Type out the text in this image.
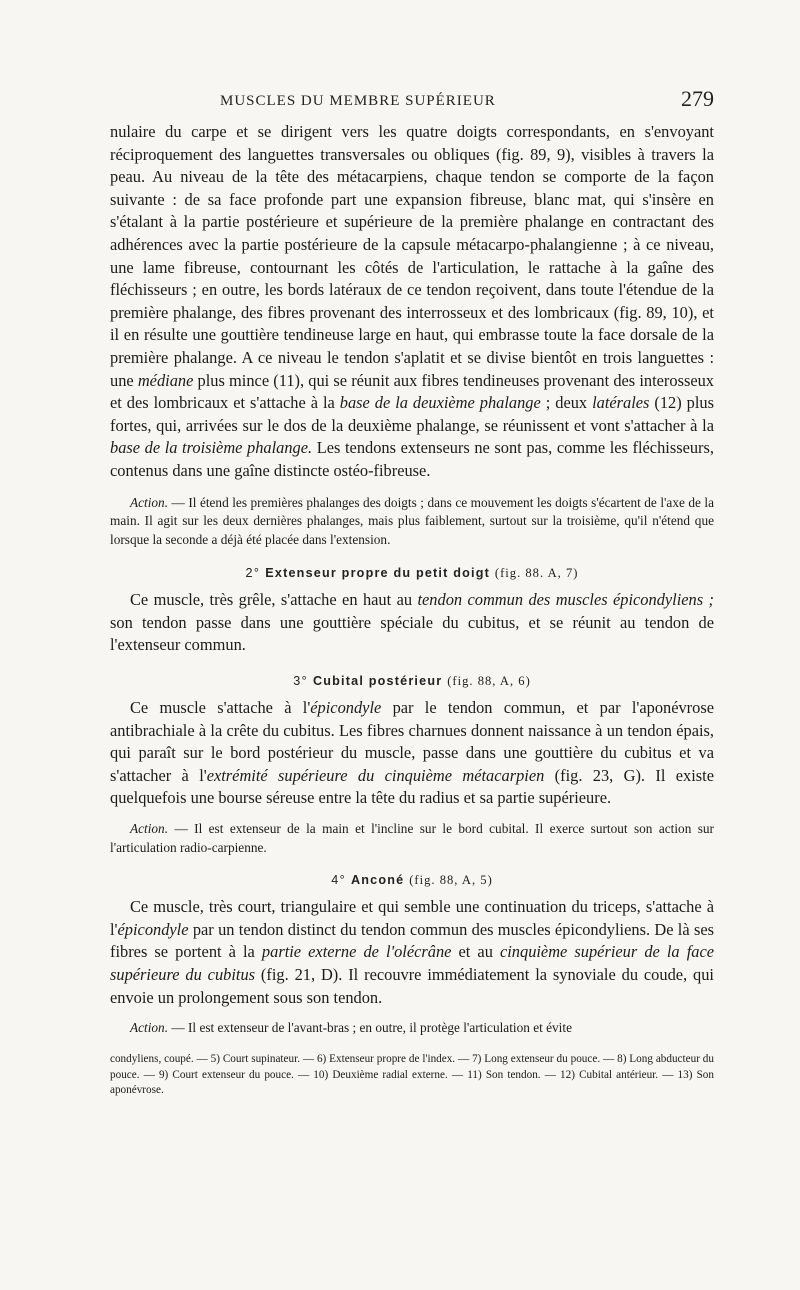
MUSCLES DU MEMBRE SUPÉRIEUR	279

nulaire du carpe et se dirigent vers les quatre doigts correspondants, en s'envoyant réciproquement des languettes transversales ou obliques (fig. 89, 9), visibles à travers la peau. Au niveau de la tête des métacarpiens, chaque tendon se comporte de la façon suivante : de sa face profonde part une expansion fibreuse, blanc mat, qui s'insère en s'étalant à la partie postérieure et supérieure de la première phalange en contractant des adhérences avec la partie postérieure de la capsule métacarpo-phalangienne ; à ce niveau, une lame fibreuse, contournant les côtés de l'articulation, le rattache à la gaîne des fléchisseurs ; en outre, les bords latéraux de ce tendon reçoivent, dans toute l'étendue de la première phalange, des fibres provenant des interrosseux et des lombricaux (fig. 89, 10), et il en résulte une gouttière tendineuse large en haut, qui embrasse toute la face dorsale de la première phalange. A ce niveau le tendon s'aplatit et se divise bientôt en trois languettes : une médiane plus mince (11), qui se réunit aux fibres tendineuses provenant des interosseux et des lombricaux et s'attache à la base de la deuxième phalange ; deux latérales (12) plus fortes, qui, arrivées sur le dos de la deuxième phalange, se réunissent et vont s'attacher à la base de la troisième phalange. Les tendons extenseurs ne sont pas, comme les fléchisseurs, contenus dans une gaîne distincte ostéo-fibreuse.

Action. — Il étend les premières phalanges des doigts ; dans ce mouvement les doigts s'écartent de l'axe de la main. Il agit sur les deux dernières phalanges, mais plus faiblement, surtout sur la troisième, qu'il n'étend que lorsque la seconde a déjà été placée dans l'extension.

2° Extenseur propre du petit doigt (fig. 88. A, 7)

Ce muscle, très grêle, s'attache en haut au tendon commun des muscles épicondyliens ; son tendon passe dans une gouttière spéciale du cubitus, et se réunit au tendon de l'extenseur commun.

3° Cubital postérieur (fig. 88, A, 6)

Ce muscle s'attache à l'épicondyle par le tendon commun, et par l'aponévrose antibrachiale à la crête du cubitus. Les fibres charnues donnent naissance à un tendon épais, qui paraît sur le bord postérieur du muscle, passe dans une gouttière du cubitus et va s'attacher à l'extrémité supérieure du cinquième métacarpien (fig. 23, G). Il existe quelquefois une bourse séreuse entre la tête du radius et sa partie supérieure.

Action. — Il est extenseur de la main et l'incline sur le bord cubital. Il exerce surtout son action sur l'articulation radio-carpienne.

4° Anconé (fig. 88, A, 5)

Ce muscle, très court, triangulaire et qui semble une continuation du triceps, s'attache à l'épicondyle par un tendon distinct du tendon commun des muscles épicondyliens. De là ses fibres se portent à la partie externe de l'olécrâne et au cinquième supérieur de la face supérieure du cubitus (fig. 21, D). Il recouvre immédiatement la synoviale du coude, qui envoie un prolongement sous son tendon.

Action. — Il est extenseur de l'avant-bras ; en outre, il protège l'articulation et évite

condyliens, coupé. — 5) Court supinateur. — 6) Extenseur propre de l'index. — 7) Long extenseur du pouce. — 8) Long abducteur du pouce. — 9) Court extenseur du pouce. — 10) Deuxième radial externe. — 11) Son tendon. — 12) Cubital antérieur. — 13) Son aponévrose.
